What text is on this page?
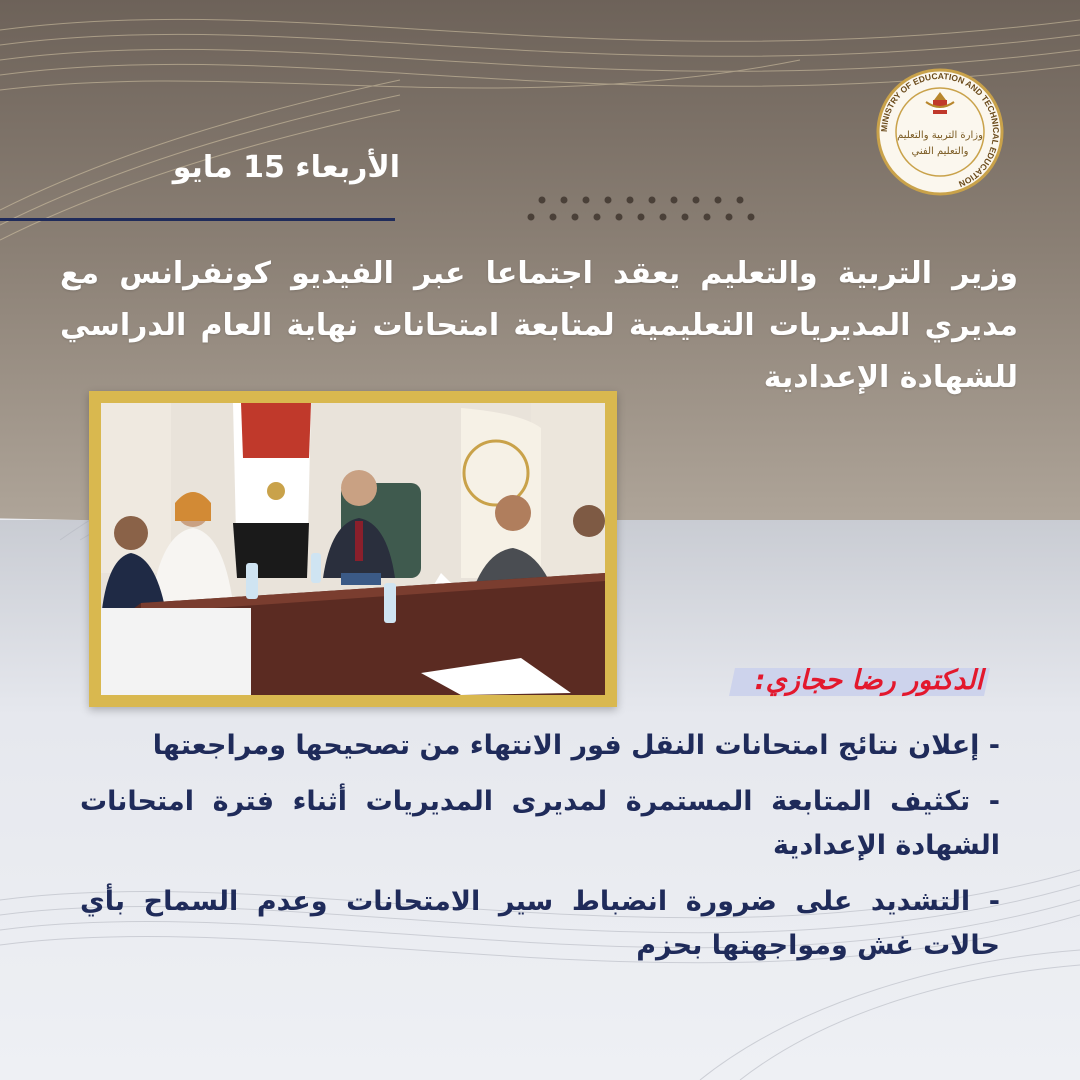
MINISTRY OF EDUCATION AND TECHNICAL EDUCATION
وزارة التربية والتعليم
والتعليم الفني
الأربعاء 15 مايو
وزير التربية والتعليم يعقد اجتماعا عبر الفيديو كونفرانس مع مديري المديريات التعليمية لمتابعة امتحانات نهاية العام الدراسي للشهادة الإعدادية
الدكتور رضا حجازي:
- إعلان نتائج امتحانات النقل فور الانتهاء من تصحيحها ومراجعتها
- تكثيف المتابعة المستمرة لمديرى المديريات أثناء فترة امتحانات الشهادة الإعدادية
- التشديد على ضرورة انضباط سير الامتحانات وعدم السماح بأي حالات غش ومواجهتها بحزم
